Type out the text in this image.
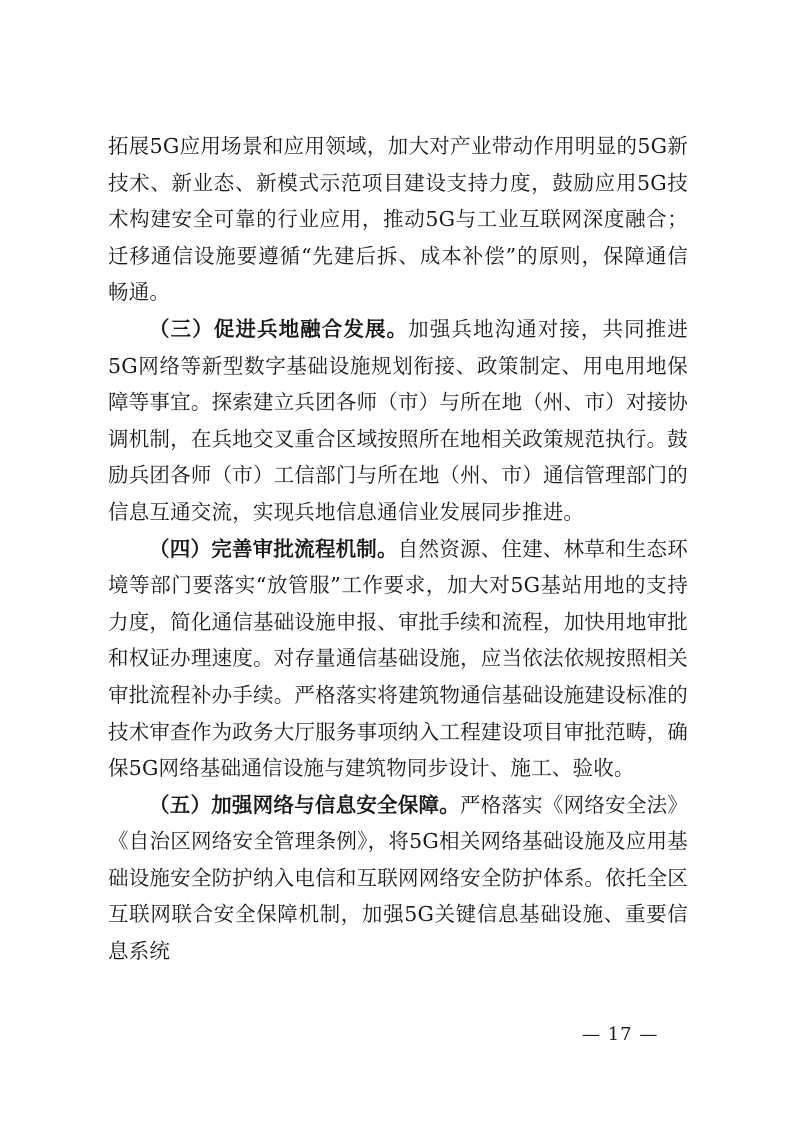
拓展5G应用场景和应用领域，加大对产业带动作用明显的5G新技术、新业态、新模式示范项目建设支持力度，鼓励应用5G技术构建安全可靠的行业应用，推动5G与工业互联网深度融合；迁移通信设施要遵循“先建后拆、成本补偿”的原则，保障通信畅通。

（三）促进兵地融合发展。加强兵地沟通对接，共同推进5G网络等新型数字基础设施规划衔接、政策制定、用电用地保障等事宜。探索建立兵团各师（市）与所在地（州、市）对接协调机制，在兵地交叉重合区域按照所在地相关政策规范执行。鼓励兵团各师（市）工信部门与所在地（州、市）通信管理部门的信息互通交流，实现兵地信息通信业发展同步推进。

（四）完善审批流程机制。自然资源、住建、林草和生态环境等部门要落实“放管服”工作要求，加大对5G基站用地的支持力度，简化通信基础设施申报、审批手续和流程，加快用地审批和权证办理速度。对存量通信基础设施，应当依法依规按照相关审批流程补办手续。严格落实将建筑物通信基础设施建设标准的技术审查作为政务大厅服务事项纳入工程建设项目审批范畴，确保5G网络基础通信设施与建筑物同步设计、施工、验收。

（五）加强网络与信息安全保障。严格落实《网络安全法》《自治区网络安全管理条例》，将5G相关网络基础设施及应用基础设施安全防护纳入电信和互联网网络安全防护体系。依托全区互联网联合安全保障机制，加强5G关键信息基础设施、重要信息系统

— 17 —
